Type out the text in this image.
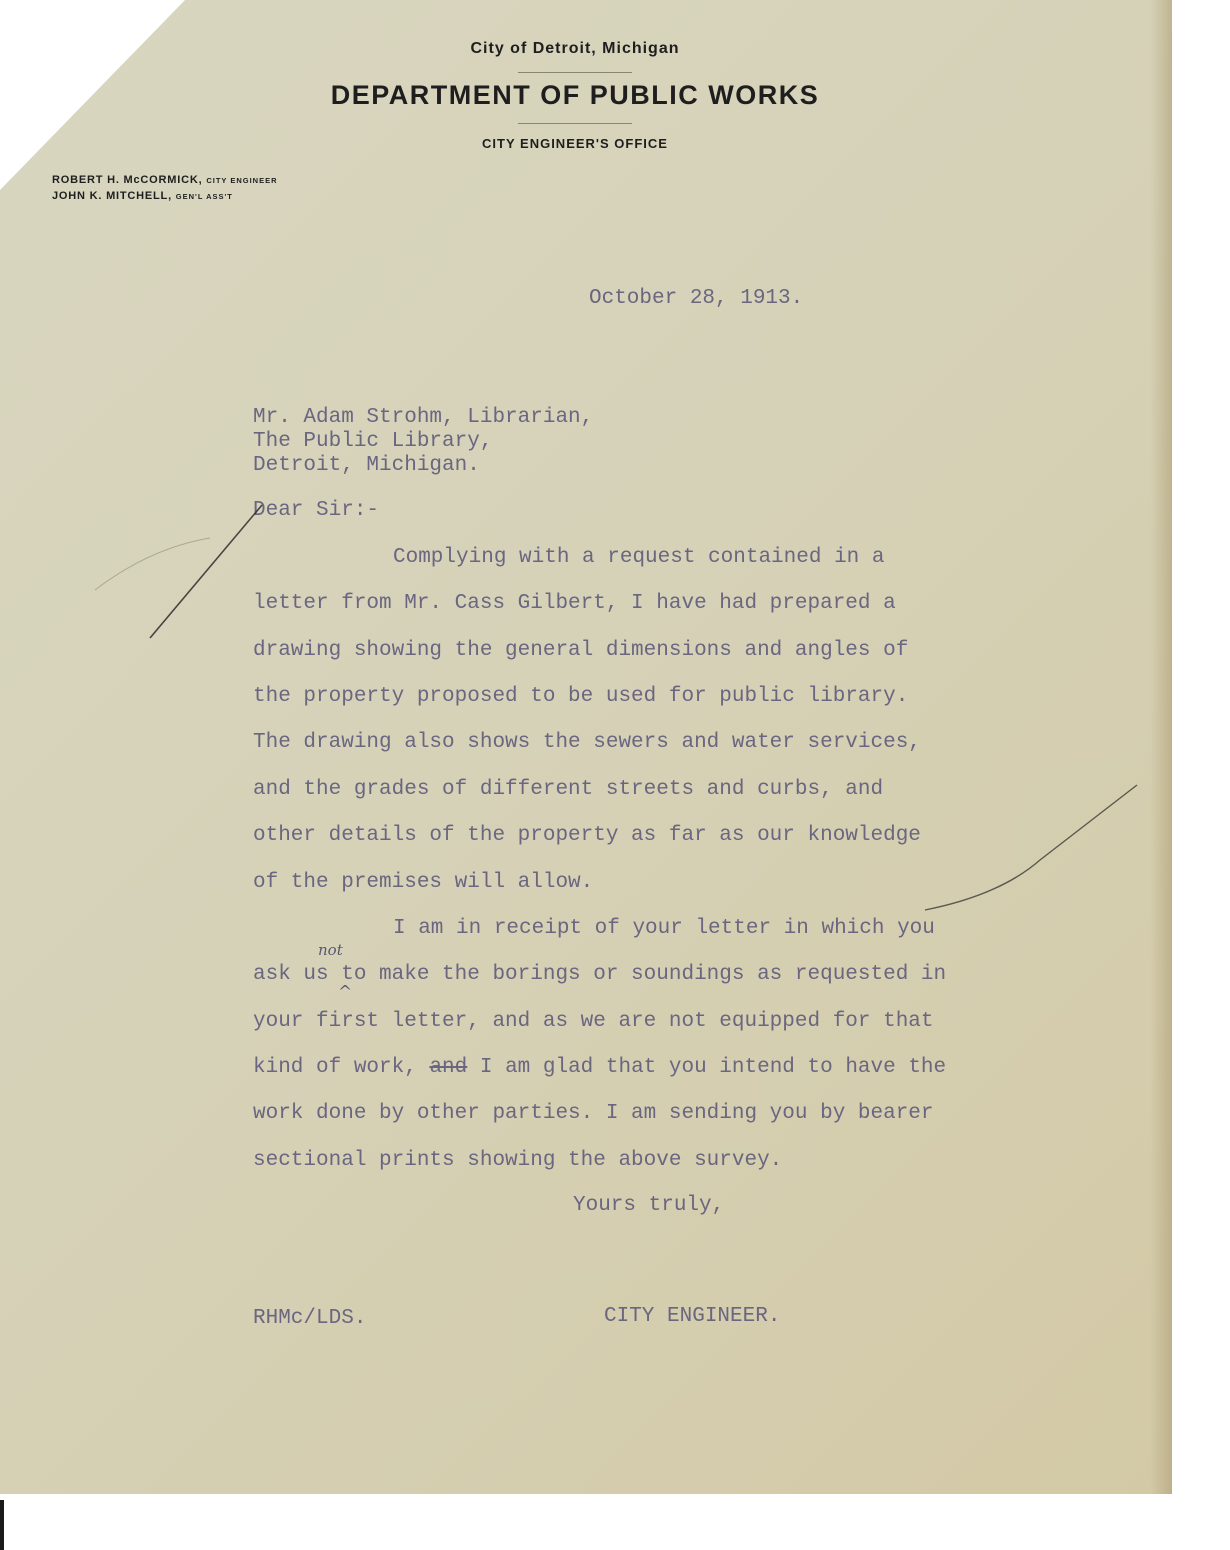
City of Detroit, Michigan
DEPARTMENT OF PUBLIC WORKS
CITY ENGINEER'S OFFICE
ROBERT H. McCORMICK, CITY ENGINEER
JOHN K. MITCHELL, GEN'L ASS'T
October 28, 1913.
Mr. Adam Strohm, Librarian,
The Public Library,
Detroit, Michigan.
Dear Sir:-
Complying with a request contained in a
letter from Mr. Cass Gilbert, I have had prepared a
drawing showing the general dimensions and angles of
the property proposed to be used for public library.
The drawing also shows the sewers and water services,
and the grades of different streets and curbs, and
other details of the property as far as our knowledge
of the premises will allow.
I am in receipt of your letter in which you
ask us to make the borings or soundings as requested in
your first letter, and as we are not equipped for that
kind of work, and I am glad that you intend to have the
work done by other parties. I am sending you by bearer
sectional prints showing the above survey.
not
^
Yours truly,
RHMc/LDS.	CITY ENGINEER.
